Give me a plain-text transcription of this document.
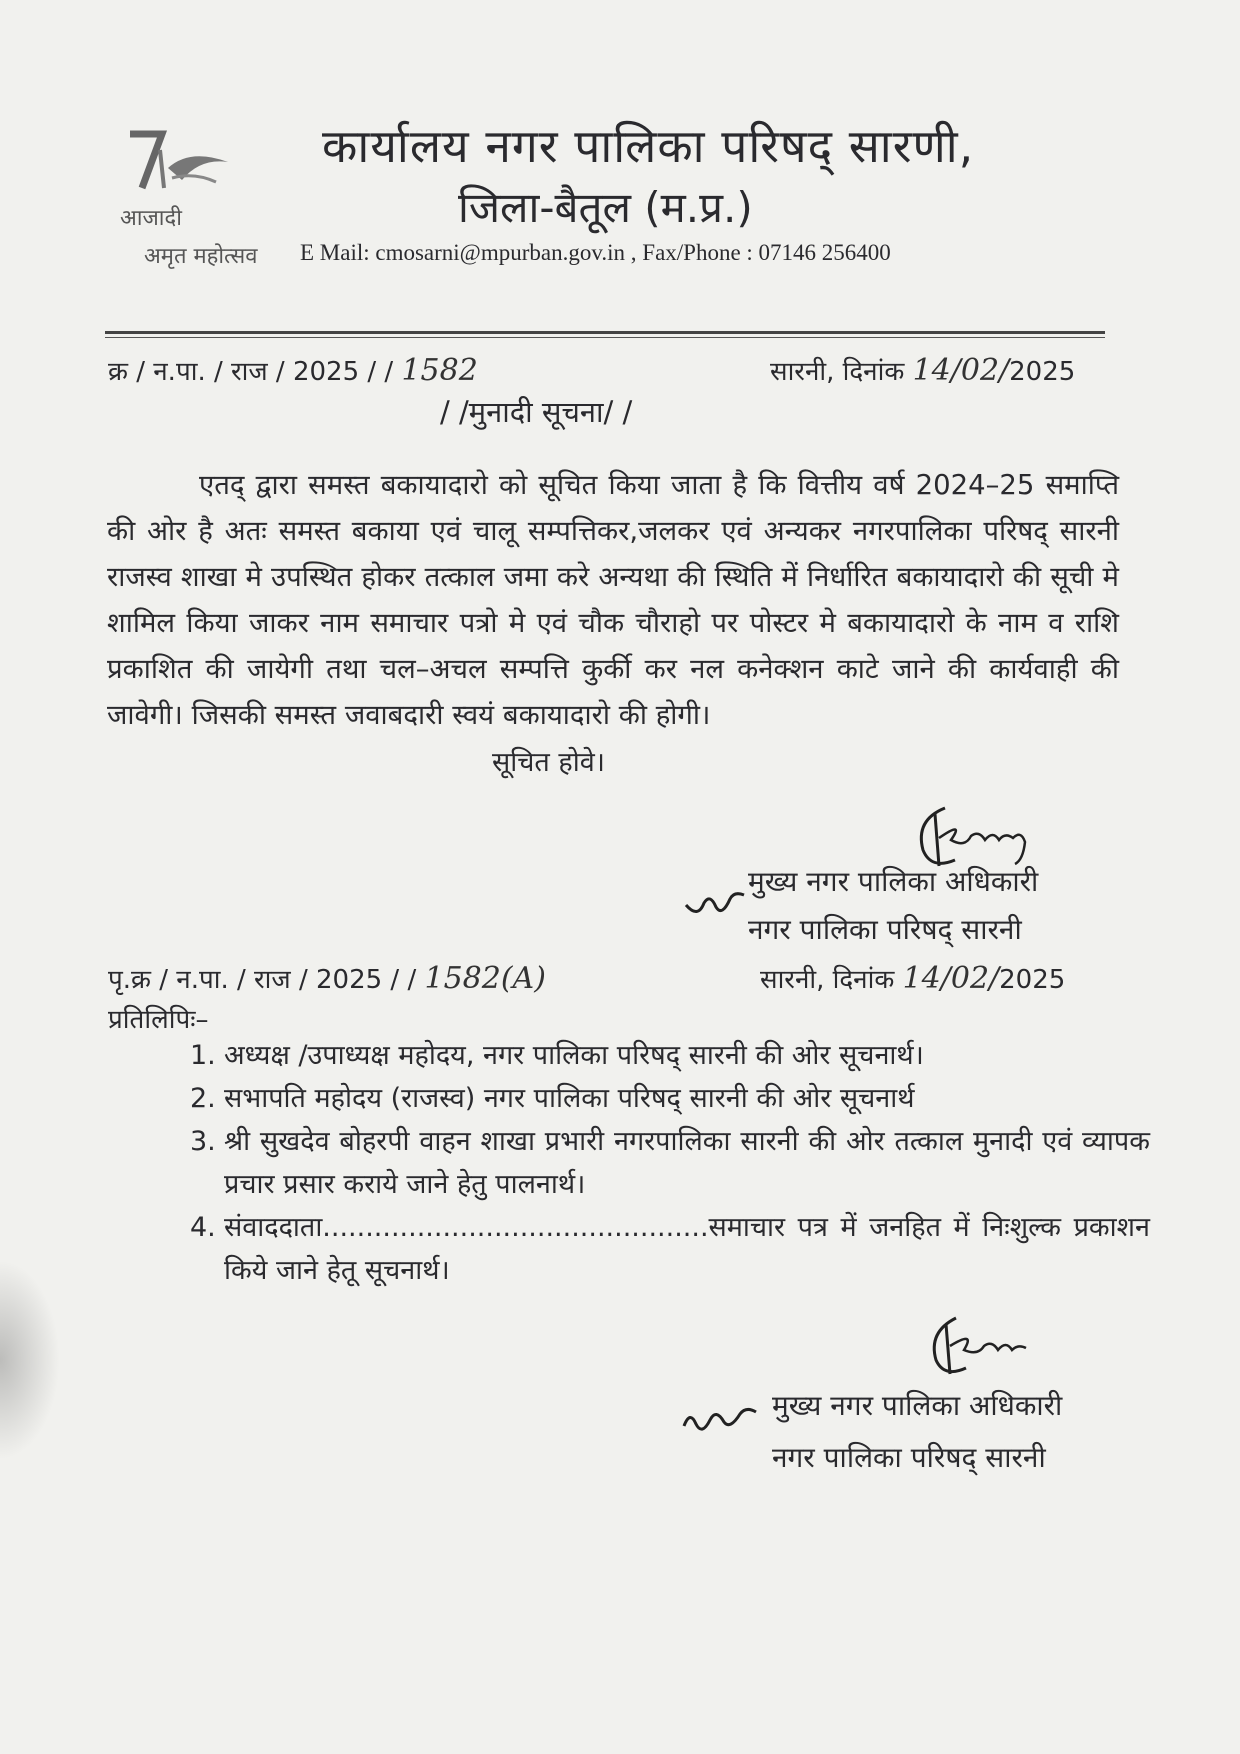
आजादी
अमृत महोत्सव
कार्यालय नगर पालिका परिषद् सारणी,
जिला-बैतूल (म.प्र.)
E Mail: cmosarni@mpurban.gov.in , Fax/Phone : 07146 256400
क्र / न.पा. / राज / 2025 / / 1582	सारनी, दिनांक 14/02/2025
/ /मुनादी सूचना/ /

एतद् द्वारा समस्त बकायादारो को सूचित किया जाता है कि वित्तीय वर्ष 2024–25 समाप्ति की ओर है अतः समस्त बकाया एवं चालू सम्पत्तिकर,जलकर एवं अन्यकर नगरपालिका परिषद् सारनी राजस्व शाखा मे उपस्थित होकर तत्काल जमा करे अन्यथा की स्थिति में निर्धारित बकायादारो की सूची मे शामिल किया जाकर नाम समाचार पत्रो मे एवं चौक चौराहो पर पोस्टर मे बकायादारो के नाम व राशि प्रकाशित की जायेगी तथा चल–अचल सम्पत्ति कुर्की कर नल कनेक्शन काटे जाने की कार्यवाही की जावेगी। जिसकी समस्त जवाबदारी स्वयं बकायादारो की होगी।

सूचित होवे।
मुख्य नगर पालिका अधिकारी
नगर पालिका परिषद् सारनी
पृ.क्र / न.पा. / राज / 2025 / / 1582(A)	सारनी, दिनांक 14/02/2025
प्रतिलिपिः–
1. अध्यक्ष /उपाध्यक्ष महोदय, नगर पालिका परिषद् सारनी की ओर सूचनार्थ।
2. सभापति महोदय (राजस्व) नगर पालिका परिषद् सारनी की ओर सूचनार्थ
3. श्री सुखदेव बोहरपी वाहन शाखा प्रभारी नगरपालिका सारनी की ओर तत्काल मुनादी एवं व्यापक प्रचार प्रसार कराये जाने हेतु पालनार्थ।
4. संवाददाता.............................................समाचार पत्र में जनहित में निःशुल्क प्रकाशन किये जाने हेतू सूचनार्थ।
मुख्य नगर पालिका अधिकारी
नगर पालिका परिषद् सारनी
